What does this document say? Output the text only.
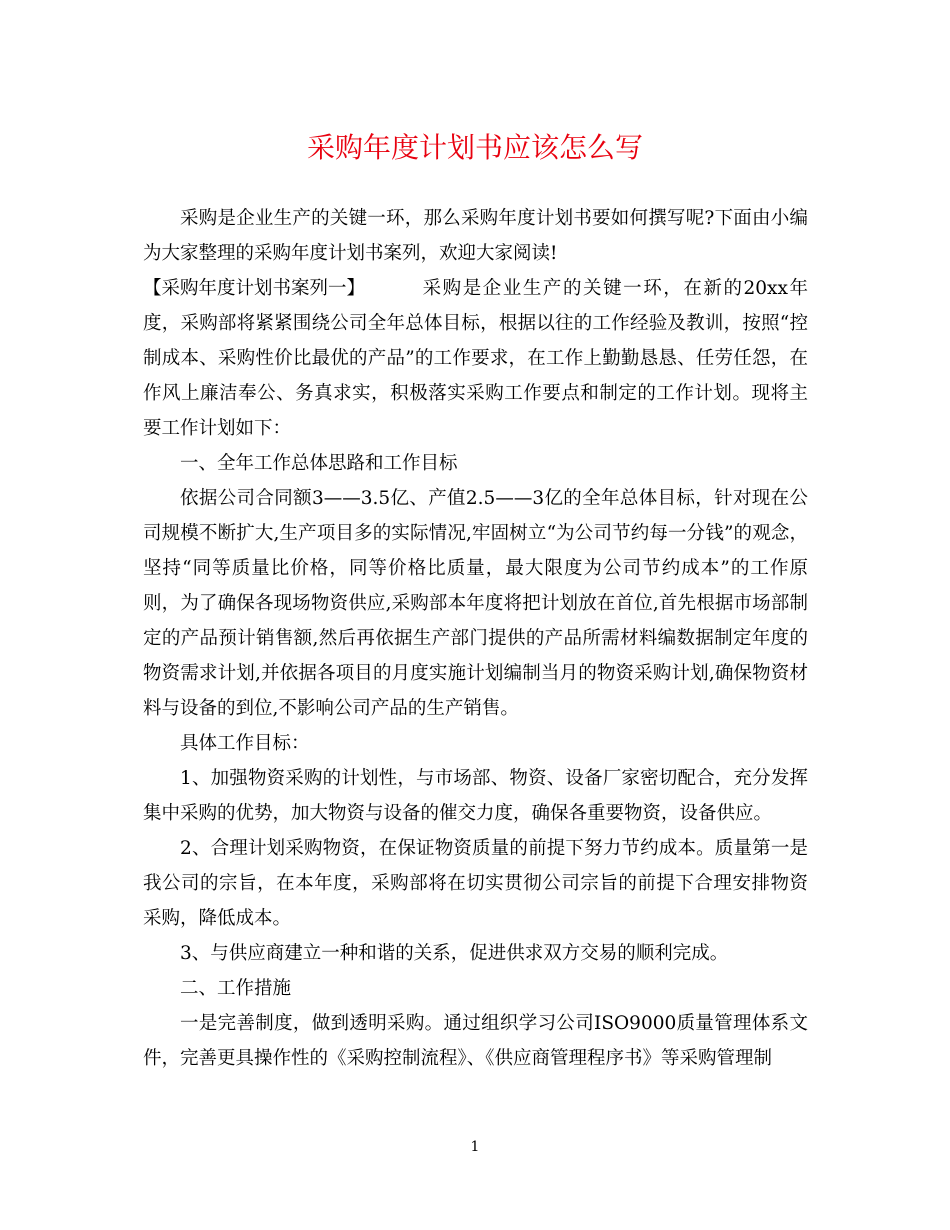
采购年度计划书应该怎么写

采购是企业生产的关键一环，那么采购年度计划书要如何撰写呢?下面由小编为大家整理的采购年度计划书案列，欢迎大家阅读!

【采购年度计划书案列一】	采购是企业生产的关键一环，在新的20xx年度，采购部将紧紧围绕公司全年总体目标，根据以往的工作经验及教训，按照“控制成本、采购性价比最优的产品”的工作要求，在工作上勤勤恳恳、任劳任怨，在作风上廉洁奉公、务真求实，积极落实采购工作要点和制定的工作计划。现将主要工作计划如下：

一、全年工作总体思路和工作目标

依据公司合同额3——3.5亿、产值2.5——3亿的全年总体目标，针对现在公司规模不断扩大,生产项目多的实际情况,牢固树立“为公司节约每一分钱”的观念，坚持“同等质量比价格，同等价格比质量，最大限度为公司节约成本”的工作原则，为了确保各现场物资供应,采购部本年度将把计划放在首位,首先根据市场部制定的产品预计销售额,然后再依据生产部门提供的产品所需材料编数据制定年度的物资需求计划,并依据各项目的月度实施计划编制当月的物资采购计划,确保物资材料与设备的到位,不影响公司产品的生产销售。

具体工作目标：

1、加强物资采购的计划性，与市场部、物资、设备厂家密切配合，充分发挥集中采购的优势，加大物资与设备的催交力度，确保各重要物资，设备供应。

2、合理计划采购物资，在保证物资质量的前提下努力节约成本。质量第一是我公司的宗旨，在本年度，采购部将在切实贯彻公司宗旨的前提下合理安排物资采购，降低成本。

3、与供应商建立一种和谐的关系，促进供求双方交易的顺利完成。

二、工作措施

一是完善制度，做到透明采购。通过组织学习公司ISO9000质量管理体系文件，完善更具操作性的《采购控制流程》、《供应商管理程序书》等采购管理制

1
